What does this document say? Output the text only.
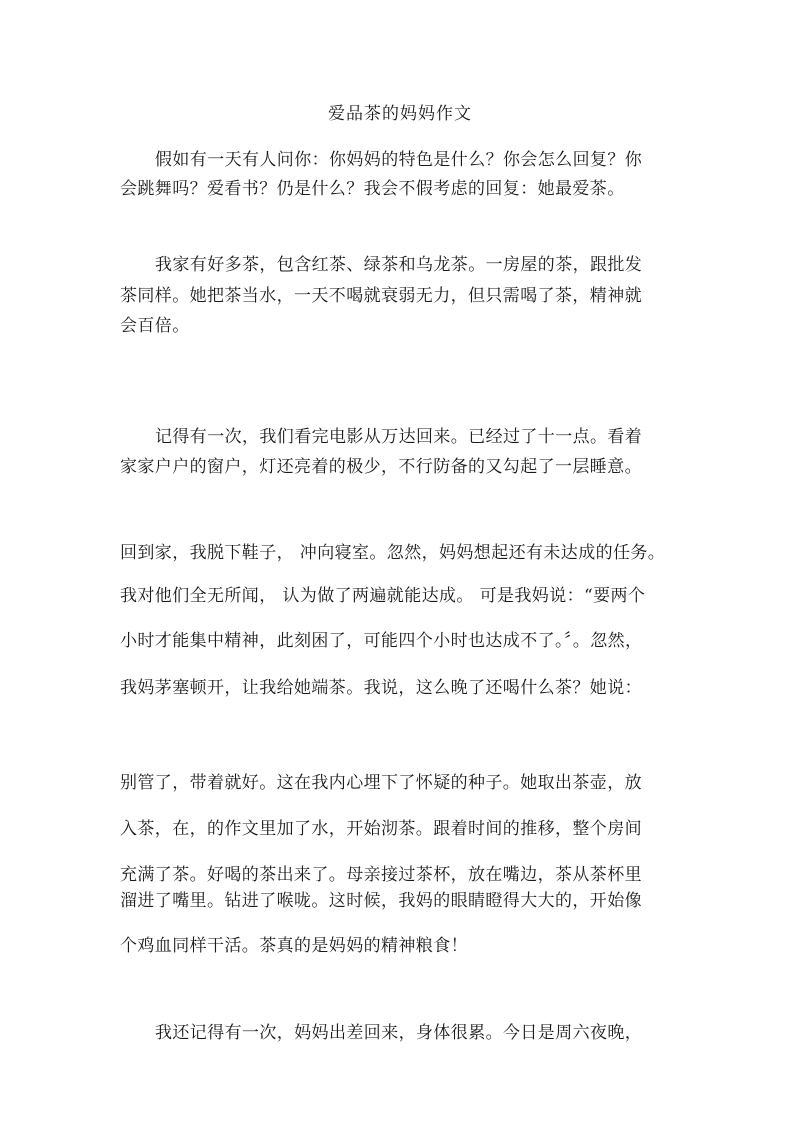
爱品茶的妈妈作文
假如有一天有人问你：你妈妈的特色是什么？你会怎么回复？你
会跳舞吗？爱看书？仍是什么？我会不假考虑的回复：她最爱茶。
我家有好多茶，包含红茶、绿茶和乌龙茶。一房屋的茶，跟批发
茶同样。她把茶当水，一天不喝就衰弱无力，但只需喝了茶，精神就
会百倍。
记得有一次，我们看完电影从万达回来。已经过了十一点。看着
家家户户的窗户，灯还亮着的极少，不行防备的又勾起了一层睡意。
回到家，我脱下鞋子， 冲向寝室。忽然，妈妈想起还有未达成的任务。
我对他们全无所闻， 认为做了两遍就能达成。 可是我妈说：“要两个
小时才能集中精神，此刻困了，可能四个小时也达成不了。〞。忽然，
我妈茅塞顿开，让我给她端茶。我说，这么晚了还喝什么茶？她说：
别管了，带着就好。这在我内心埋下了怀疑的种子。她取出茶壶，放
入茶，在，的作文里加了水，开始沏茶。跟着时间的推移，整个房间
充满了茶。好喝的茶出来了。母亲接过茶杯，放在嘴边，茶从茶杯里
溜进了嘴里。钻进了喉咙。这时候，我妈的眼睛瞪得大大的，开始像
个鸡血同样干活。茶真的是妈妈的精神粮食！
我还记得有一次，妈妈出差回来，身体很累。今日是周六夜晚，
